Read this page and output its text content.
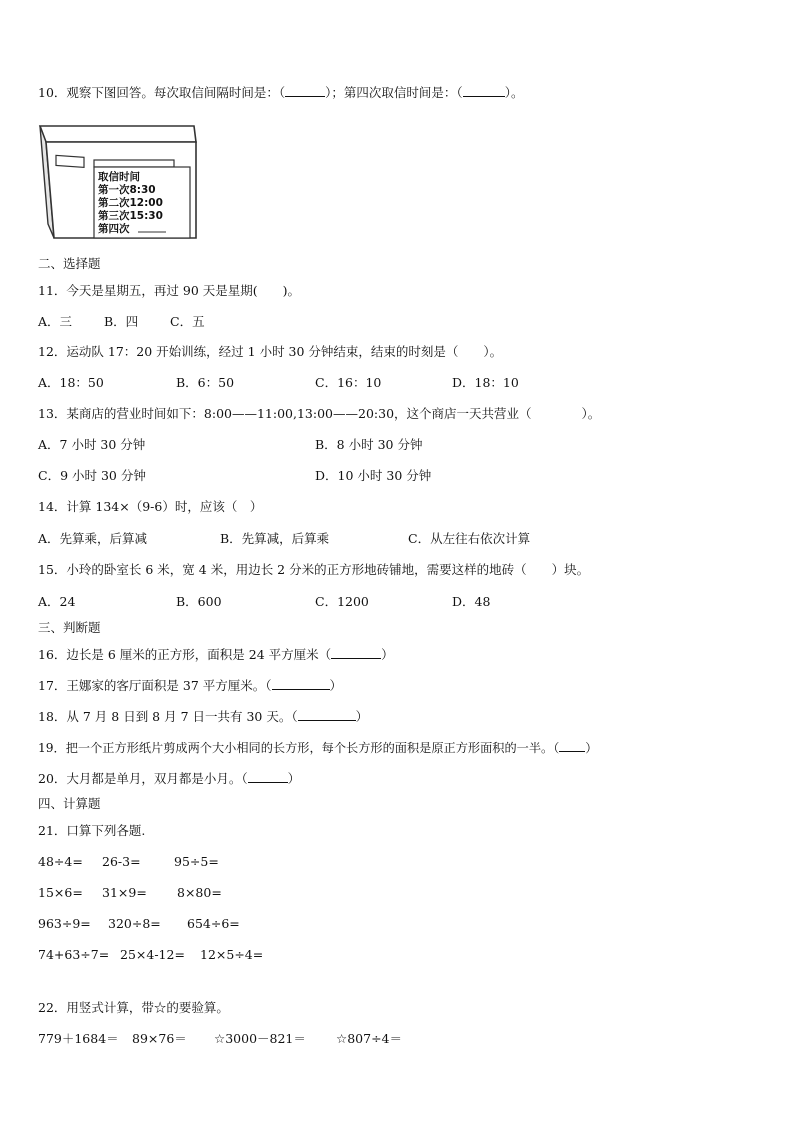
10．观察下图回答。每次取信间隔时间是：（	）；第四次取信时间是：（	）。
取信时间
第一次8:30
第二次12:00
第三次15:30
第四次
二、选择题
11．今天是星期五，再过 90 天是星期(　　)。
A．三	B．四	C．五
12．运动队 17：20 开始训练，经过 1 小时 30 分钟结束，结束的时刻是（　　）。
A．18：50	B．6：50	C．16：10	D．18：10
13．某商店的营业时间如下：8:00——11:00,13:00——20:30，这个商店一天共营业（　　　　）。
A．7 小时 30 分钟	B．8 小时 30 分钟
C．9 小时 30 分钟	D．10 小时 30 分钟
14．计算 134×（9-6）时，应该（　）
A．先算乘，后算减	B．先算减，后算乘	C．从左往右依次计算
15．小玲的卧室长 6 米，宽 4 米，用边长 2 分米的正方形地砖铺地，需要这样的地砖（　　）块。
A．24	B．600	C．1200	D．48
三、判断题
16．边长是 6 厘米的正方形，面积是 24 平方厘米（	）
17．王娜家的客厅面积是 37 平方厘米。（	）
18．从 7 月 8 日到 8 月 7 日一共有 30 天。（	）
19．把一个正方形纸片剪成两个大小相同的长方形，每个长方形的面积是原正方形面积的一半。（ ）
20．大月都是单月，双月都是小月。（	）
四、计算题
21．口算下列各题.
48÷4= 26-3=	95÷5=
15×6= 31×9= 8×80=
963÷9= 320÷8= 654÷6=
74+63÷7= 25×4-12= 12×5÷4=
22．用竖式计算，带☆的要验算。
779＋1684＝ 89×76＝ ☆3000－821＝ ☆807÷4＝
